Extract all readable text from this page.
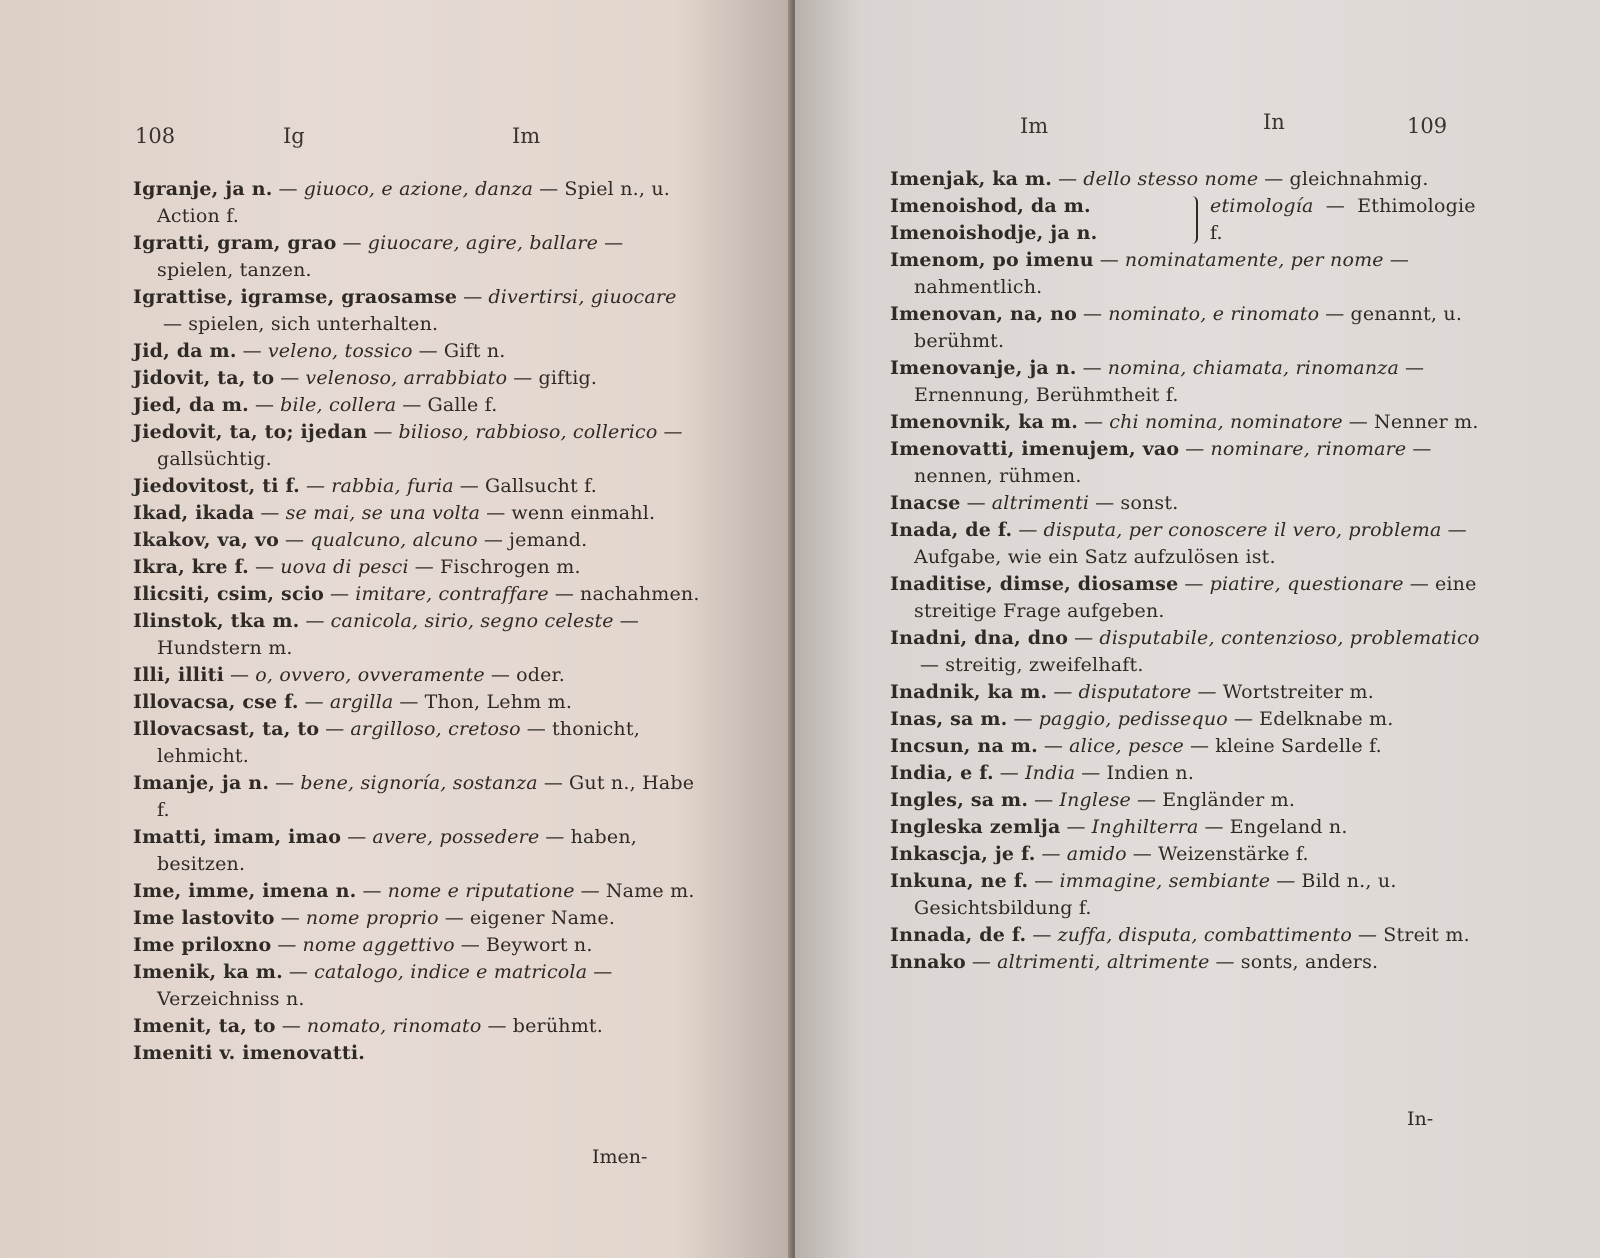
108	Ig	Im

Igranje, ja n. — giuoco, e azione, danza — Spiel n., u. Action f.

Igratti, gram, grao — giuocare, agire, ballare —spielen, tanzen.

Igrattise, igramse, graosamse — divertirsi, giuocare— spielen, sich unterhalten.

Jid, da m. — veleno, tossico — Gift n.

Jidovit, ta, to — velenoso, arrabbiato — giftig.

Jied, da m. — bile, collera — Galle f.

Jiedovit, ta, to; ijedan — bilioso, rabbioso, collerico —gallsüchtig.

Jiedovitost, ti f. — rabbia, furia — Gallsucht f.

Ikad, ikada — se mai, se una volta — wenn einmahl.

Ikakov, va, vo — qualcuno, alcuno — jemand.

Ikra, kre f. — uova di pesci — Fischrogen m.

Ilicsiti, csim, scio — imitare, contraffare — nachahmen.

Ilinstok, tka m. — canicola, sirio, segno celeste —Hundstern m.

Illi, illiti — o, ovvero, ovveramente — oder.

Illovacsa, cse f. — argilla — Thon, Lehm m.

Illovacsast, ta, to — argilloso, cretoso — thonicht, lehmicht.

Imanje, ja n. — bene, signoría, sostanza — Gut n., Habe f.

Imatti, imam, imao — avere, possedere — haben, besitzen.

Ime, imme, imena n. — nome e riputatione — Name m.

Ime lastovito — nome proprio — eigener Name.

Ime priloxno — nome aggettivo — Beywort n.

Imenik, ka m. — catalogo, indice e matricola —Verzeichniss n.

Imenit, ta, to — nomato, rinomato — berühmt.

Imeniti v. imenovatti.

Imen-
Im	In	109

Imenjak, ka m. — dello stesso nome — gleichnahmig.

Imenoishod, da m.
Imenoishodje, ja n.
etimología — Ethimologie f.

Imenom, po imenu — nominatamente, per nome —nahmentlich.

Imenovan, na, no — nominato, e rinomato — genannt, u. berühmt.

Imenovanje, ja n. — nomina, chiamata, rinomanza —Ernennung, Berühmtheit f.

Imenovnik, ka m. — chi nomina, nominatore — Nenner m.

Imenovatti, imenujem, vao — nominare, rinomare —nennen, rühmen.

Inacse — altrimenti — sonst.

Inada, de f. — disputa, per conoscere il vero, problema —Aufgabe, wie ein Satz aufzulösen ist.

Inaditise, dimse, diosamse — piatire, questionare — eine streitige Frage aufgeben.

Inadni, dna, dno — disputabile, contenzioso, problematico— streitig, zweifelhaft.

Inadnik, ka m. — disputatore — Wortstreiter m.

Inas, sa m. — paggio, pedissequo — Edelknabe m.

Incsun, na m. — alice, pesce — kleine Sardelle f.

India, e f. — India — Indien n.

Ingles, sa m. — Inglese — Engländer m.

Ingleska zemlja — Inghilterra — Engeland n.

Inkascja, je f. — amido — Weizenstärke f.

Inkuna, ne f. — immagine, sembiante — Bild n., u. Gesichtsbildung f.

Innada, de f. — zuffa, disputa, combattimento — Streit m.

Innako — altrimenti, altrimente — sonts, anders.

In-
